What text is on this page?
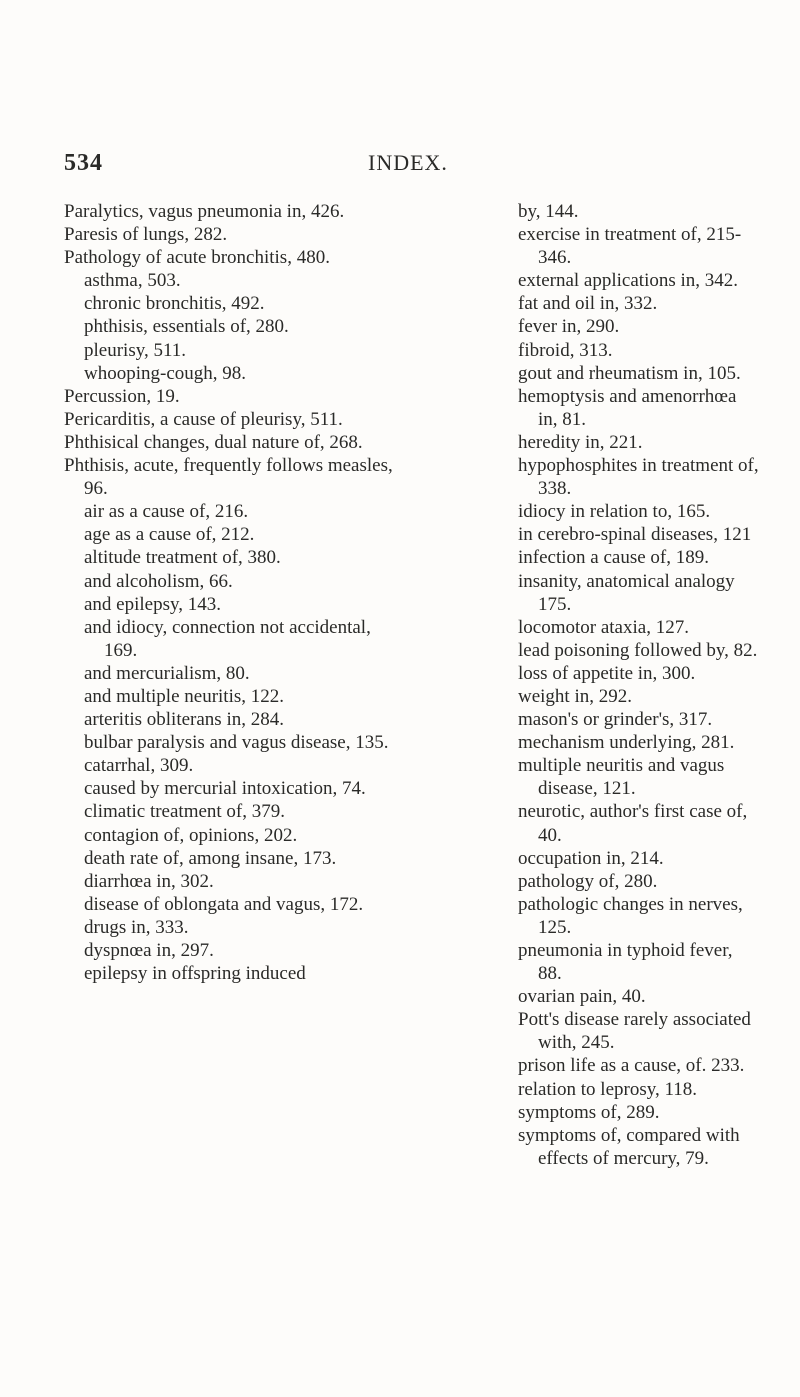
534	INDEX.
Paralytics, vagus pneumonia in, 426.
Paresis of lungs, 282.
Pathology of acute bronchitis, 480.
asthma, 503.
chronic bronchitis, 492.
phthisis, essentials of, 280.
pleurisy, 511.
whooping-cough, 98.
Percussion, 19.
Pericarditis, a cause of pleurisy, 511.
Phthisical changes, dual nature of, 268.
Phthisis, acute, frequently follows measles, 96.
air as a cause of, 216.
age as a cause of, 212.
altitude treatment of, 380.
and alcoholism, 66.
and epilepsy, 143.
and idiocy, connection not accidental, 169.
and mercurialism, 80.
and multiple neuritis, 122.
arteritis obliterans in, 284.
bulbar paralysis and vagus disease, 135.
catarrhal, 309.
caused by mercurial intoxication, 74.
climatic treatment of, 379.
contagion of, opinions, 202.
death rate of, among insane, 173.
diarrhœa in, 302.
disease of oblongata and vagus, 172.
drugs in, 333.
dyspnœa in, 297.
epilepsy in offspring induced
by, 144.
exercise in treatment of, 215-346.
external applications in, 342.
fat and oil in, 332.
fever in, 290.
fibroid, 313.
gout and rheumatism in, 105.
hemoptysis and amenorrhœa in, 81.
heredity in, 221.
hypophosphites in treatment of, 338.
idiocy in relation to, 165.
in cerebro-spinal diseases, 121
infection a cause of, 189.
insanity, anatomical analogy 175.
locomotor ataxia, 127.
lead poisoning followed by, 82.
loss of appetite in, 300.
weight in, 292.
mason's or grinder's, 317.
mechanism underlying, 281.
multiple neuritis and vagus disease, 121.
neurotic, author's first case of, 40.
occupation in, 214.
pathology of, 280.
pathologic changes in nerves, 125.
pneumonia in typhoid fever, 88.
ovarian pain, 40.
Pott's disease rarely associated with, 245.
prison life as a cause, of. 233.
relation to leprosy, 118.
symptoms of, 289.
symptoms of, compared with effects of mercury, 79.
